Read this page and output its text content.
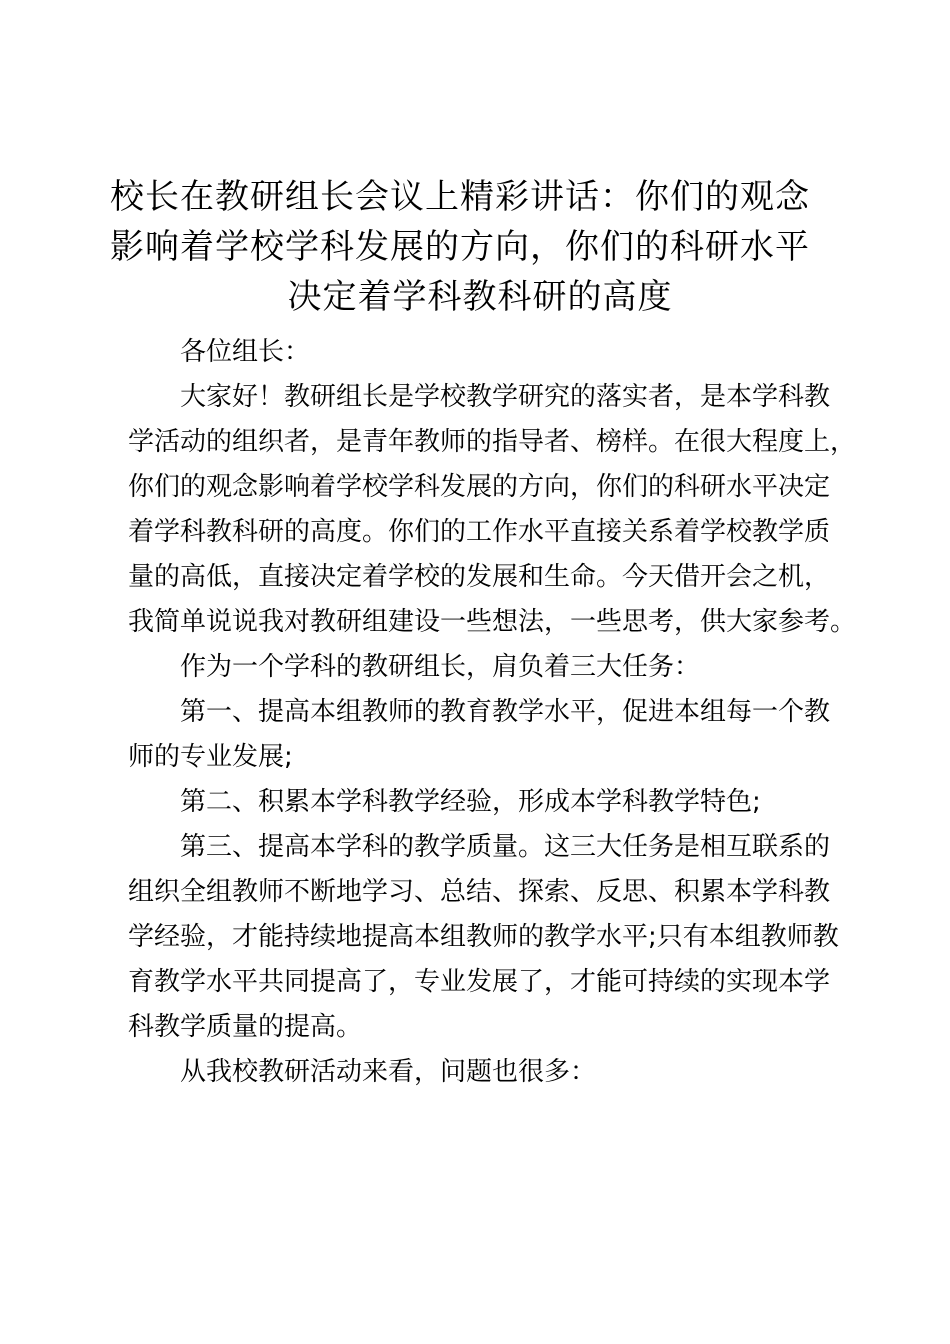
校长在教研组长会议上精彩讲话：你们的观念
影响着学校学科发展的方向，你们的科研水平
决定着学科教科研的高度
各位组长：
大家好！教研组长是学校教学研究的落实者，是本学科教
学活动的组织者，是青年教师的指导者、榜样。在很大程度上，
你们的观念影响着学校学科发展的方向，你们的科研水平决定
着学科教科研的高度。你们的工作水平直接关系着学校教学质
量的高低，直接决定着学校的发展和生命。今天借开会之机，
我简单说说我对教研组建设一些想法，一些思考，供大家参考。
作为一个学科的教研组长，肩负着三大任务：
第一、提高本组教师的教育教学水平，促进本组每一个教
师的专业发展;
第二、积累本学科教学经验，形成本学科教学特色;
第三、提高本学科的教学质量。这三大任务是相互联系的
组织全组教师不断地学习、总结、探索、反思、积累本学科教
学经验，才能持续地提高本组教师的教学水平;只有本组教师教
育教学水平共同提高了，专业发展了，才能可持续的实现本学
科教学质量的提高。
从我校教研活动来看，问题也很多：
